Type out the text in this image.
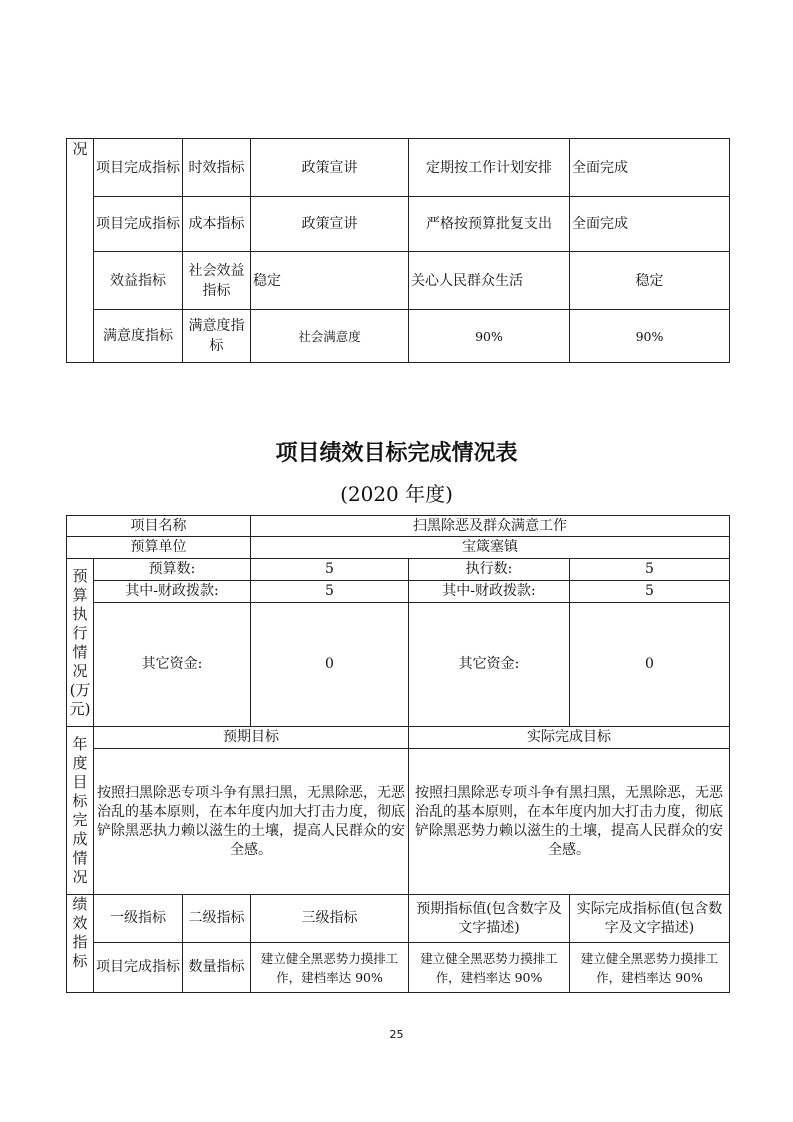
况	项目完成指标	时效指标	政策宣讲	定期按工作计划安排	全面完成
	项目完成指标	成本指标	政策宣讲	严格按预算批复支出	全面完成
	效益指标	社会效益指标	稳定	关心人民群众生活	稳定
	满意度指标	满意度指标	社会满意度	90%	90%
项目绩效目标完成情况表
(2020 年度)
项目名称			扫黑除恶及群众满意工作		
预算单位			宝箴塞镇		
预算执行情况(万元)	预算数:		5	执行数:	5
	其中-财政拨款:		5	其中-财政拨款:	5
	其它资金:		0	其它资金:	0
年度目标完成情况	预期目标			实际完成目标	
	按照扫黑除恶专项斗争有黑扫黑，无黑除恶，无恶治乱的基本原则，在本年度内加大打击力度，彻底铲除黑恶执力赖以滋生的土壤，提高人民群众的安全感。			按照扫黑除恶专项斗争有黑扫黑，无黑除恶，无恶治乱的基本原则，在本年度内加大打击力度，彻底铲除黑恶势力赖以滋生的土壤，提高人民群众的安全感。	
绩效指标	一级指标	二级指标	三级指标	预期指标值(包含数字及文字描述)	实际完成指标值(包含数字及文字描述)
	项目完成指标	数量指标	建立健全黑恶势力摸排工作，建档率达 90%	建立健全黑恶势力摸排工作，建档率达 90%	建立健全黑恶势力摸排工作，建档率达 90%
25
